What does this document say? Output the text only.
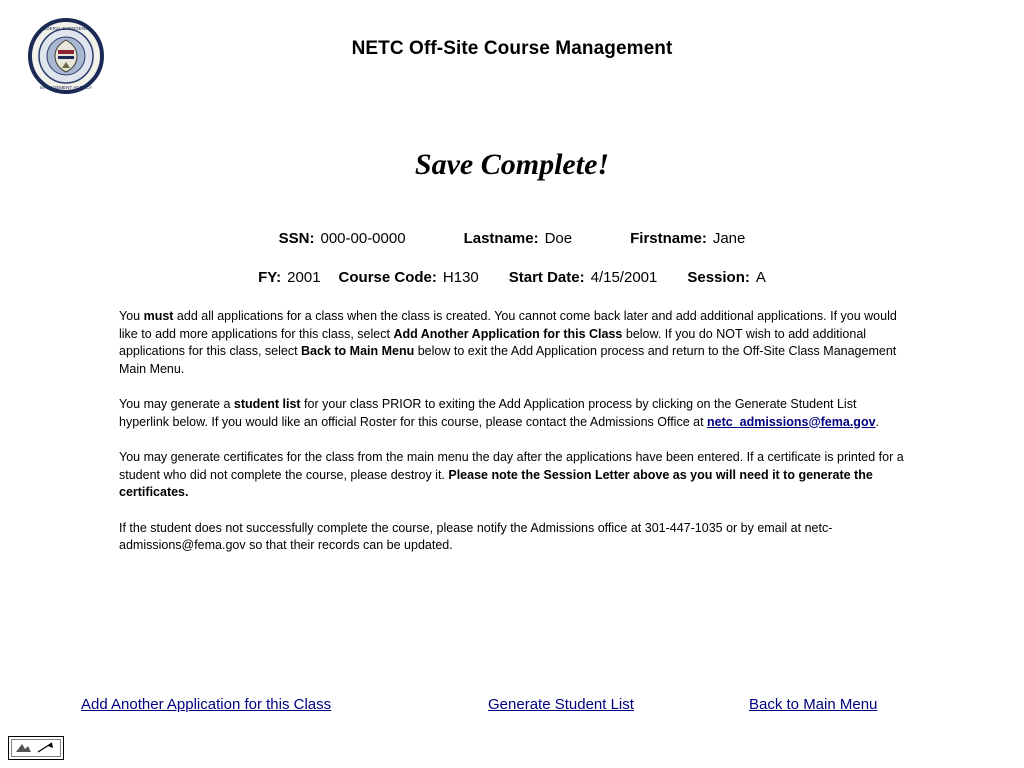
FEDERAL EMERGENCY
MANAGEMENT AGENCY
NETC Off-Site Course Management
Save Complete!
SSN: 000-00-0000	Lastname: Doe	Firstname: Jane
FY: 2001 Course Code: H130 Start Date: 4/15/2001 Session: A

You must add all applications for a class when the class is created. You cannot come back later and add additional applications. If you would like to add more applications for this class, select Add Another Application for this Class below. If you do NOT wish to add additional applications for this class, select Back to Main Menu below to exit the Add Application process and return to the Off-Site Class Management Main Menu.

You may generate a student list for your class PRIOR to exiting the Add Application process by clicking on the Generate Student List hyperlink below. If you would like an official Roster for this course, please contact the Admissions Office at netc_admissions@fema.gov.

You may generate certificates for the class from the main menu the day after the applications have been entered. If a certificate is printed for a student who did not complete the course, please destroy it. Please note the Session Letter above as you will need it to generate the certificates.

If the student does not successfully complete the course, please notify the Admissions office at 301-447-1035 or by email at netc-admissions@fema.gov so that their records can be updated.

Add Another Application for this Class	Generate Student List	Back to Main Menu
